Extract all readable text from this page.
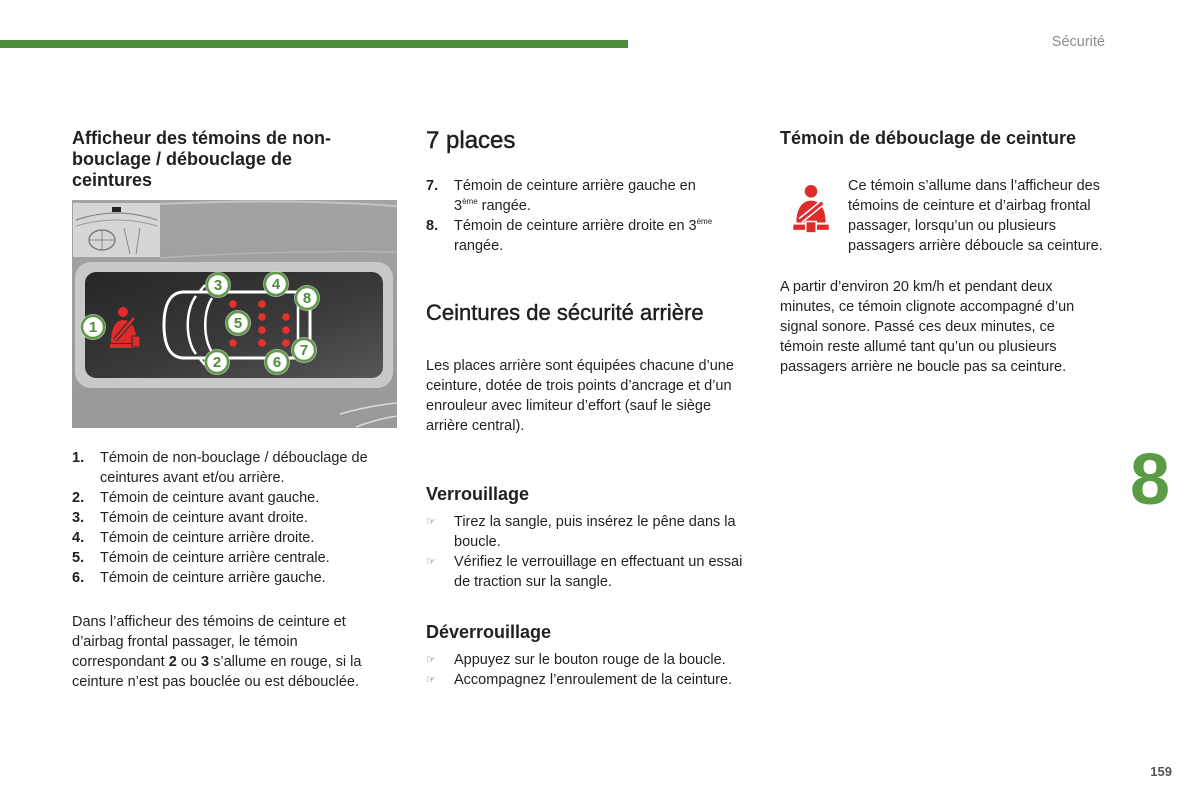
Sécurité
8
159
Afficheur des témoins de non-bouclage / débouclage de ceintures
1
2
3	4
5
6
7
8
1. Témoin de non-bouclage / débouclage de ceintures avant et/ou arrière.
2. Témoin de ceinture avant gauche.
3. Témoin de ceinture avant droite.
4. Témoin de ceinture arrière droite.
5. Témoin de ceinture arrière centrale.
6. Témoin de ceinture arrière gauche.

Dans l’afficheur des témoins de ceinture et d’airbag frontal passager, le témoin correspondant 2 ou 3 s’allume en rouge, si la ceinture n’est pas bouclée ou est débouclée.

7 places
7. Témoin de ceinture arrière gauche en 3ème rangée.
8. Témoin de ceinture arrière droite en 3ème rangée.
Ceintures de sécurité arrière

Les places arrière sont équipées chacune d’une ceinture, dotée de trois points d’ancrage et d’un enrouleur avec limiteur d’effort (sauf le siège arrière central).

Verrouillage
☞
Tirez la sangle, puis insérez le pêne dans la boucle.
☞
Vérifiez le verrouillage en effectuant un essai de traction sur la sangle.
Déverrouillage
☞
Appuyez sur le bouton rouge de la boucle.
☞
Accompagnez l’enroulement de la ceinture.
Témoin de débouclage de ceinture

Ce témoin s’allume dans l’afficheur des témoins de ceinture et d’airbag frontal passager, lorsqu’un ou plusieurs passagers arrière déboucle sa ceinture.

A partir d’environ 20 km/h et pendant deux minutes, ce témoin clignote accompagné d’un signal sonore. Passé ces deux minutes, ce témoin reste allumé tant qu’un ou plusieurs passagers arrière ne boucle pas sa ceinture.
